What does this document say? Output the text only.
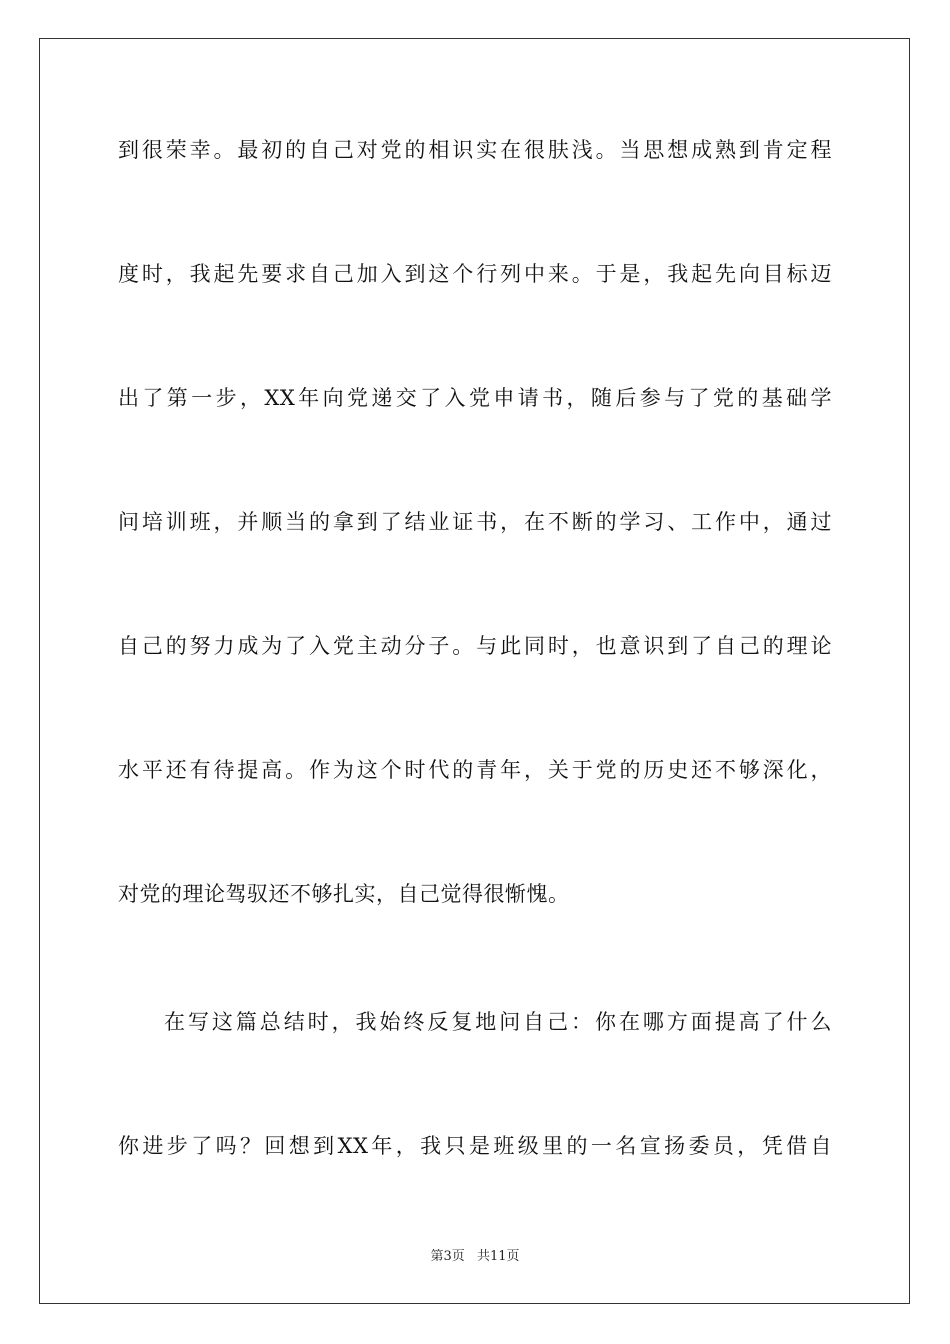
到很荣幸。最初的自己对党的相识实在很肤浅。当思想成熟到肯定程
度时，我起先要求自己加入到这个行列中来。于是，我起先向目标迈
出了第一步，XX年向党递交了入党申请书，随后参与了党的基础学
问培训班，并顺当的拿到了结业证书，在不断的学习、工作中，通过
自己的努力成为了入党主动分子。与此同时，也意识到了自己的理论
水平还有待提高。作为这个时代的青年，关于党的历史还不够深化，
对党的理论驾驭还不够扎实，自己觉得很惭愧。
在写这篇总结时，我始终反复地问自己：你在哪方面提高了什么
你进步了吗？回想到XX年，我只是班级里的一名宣扬委员，凭借自
第3页 共11页
